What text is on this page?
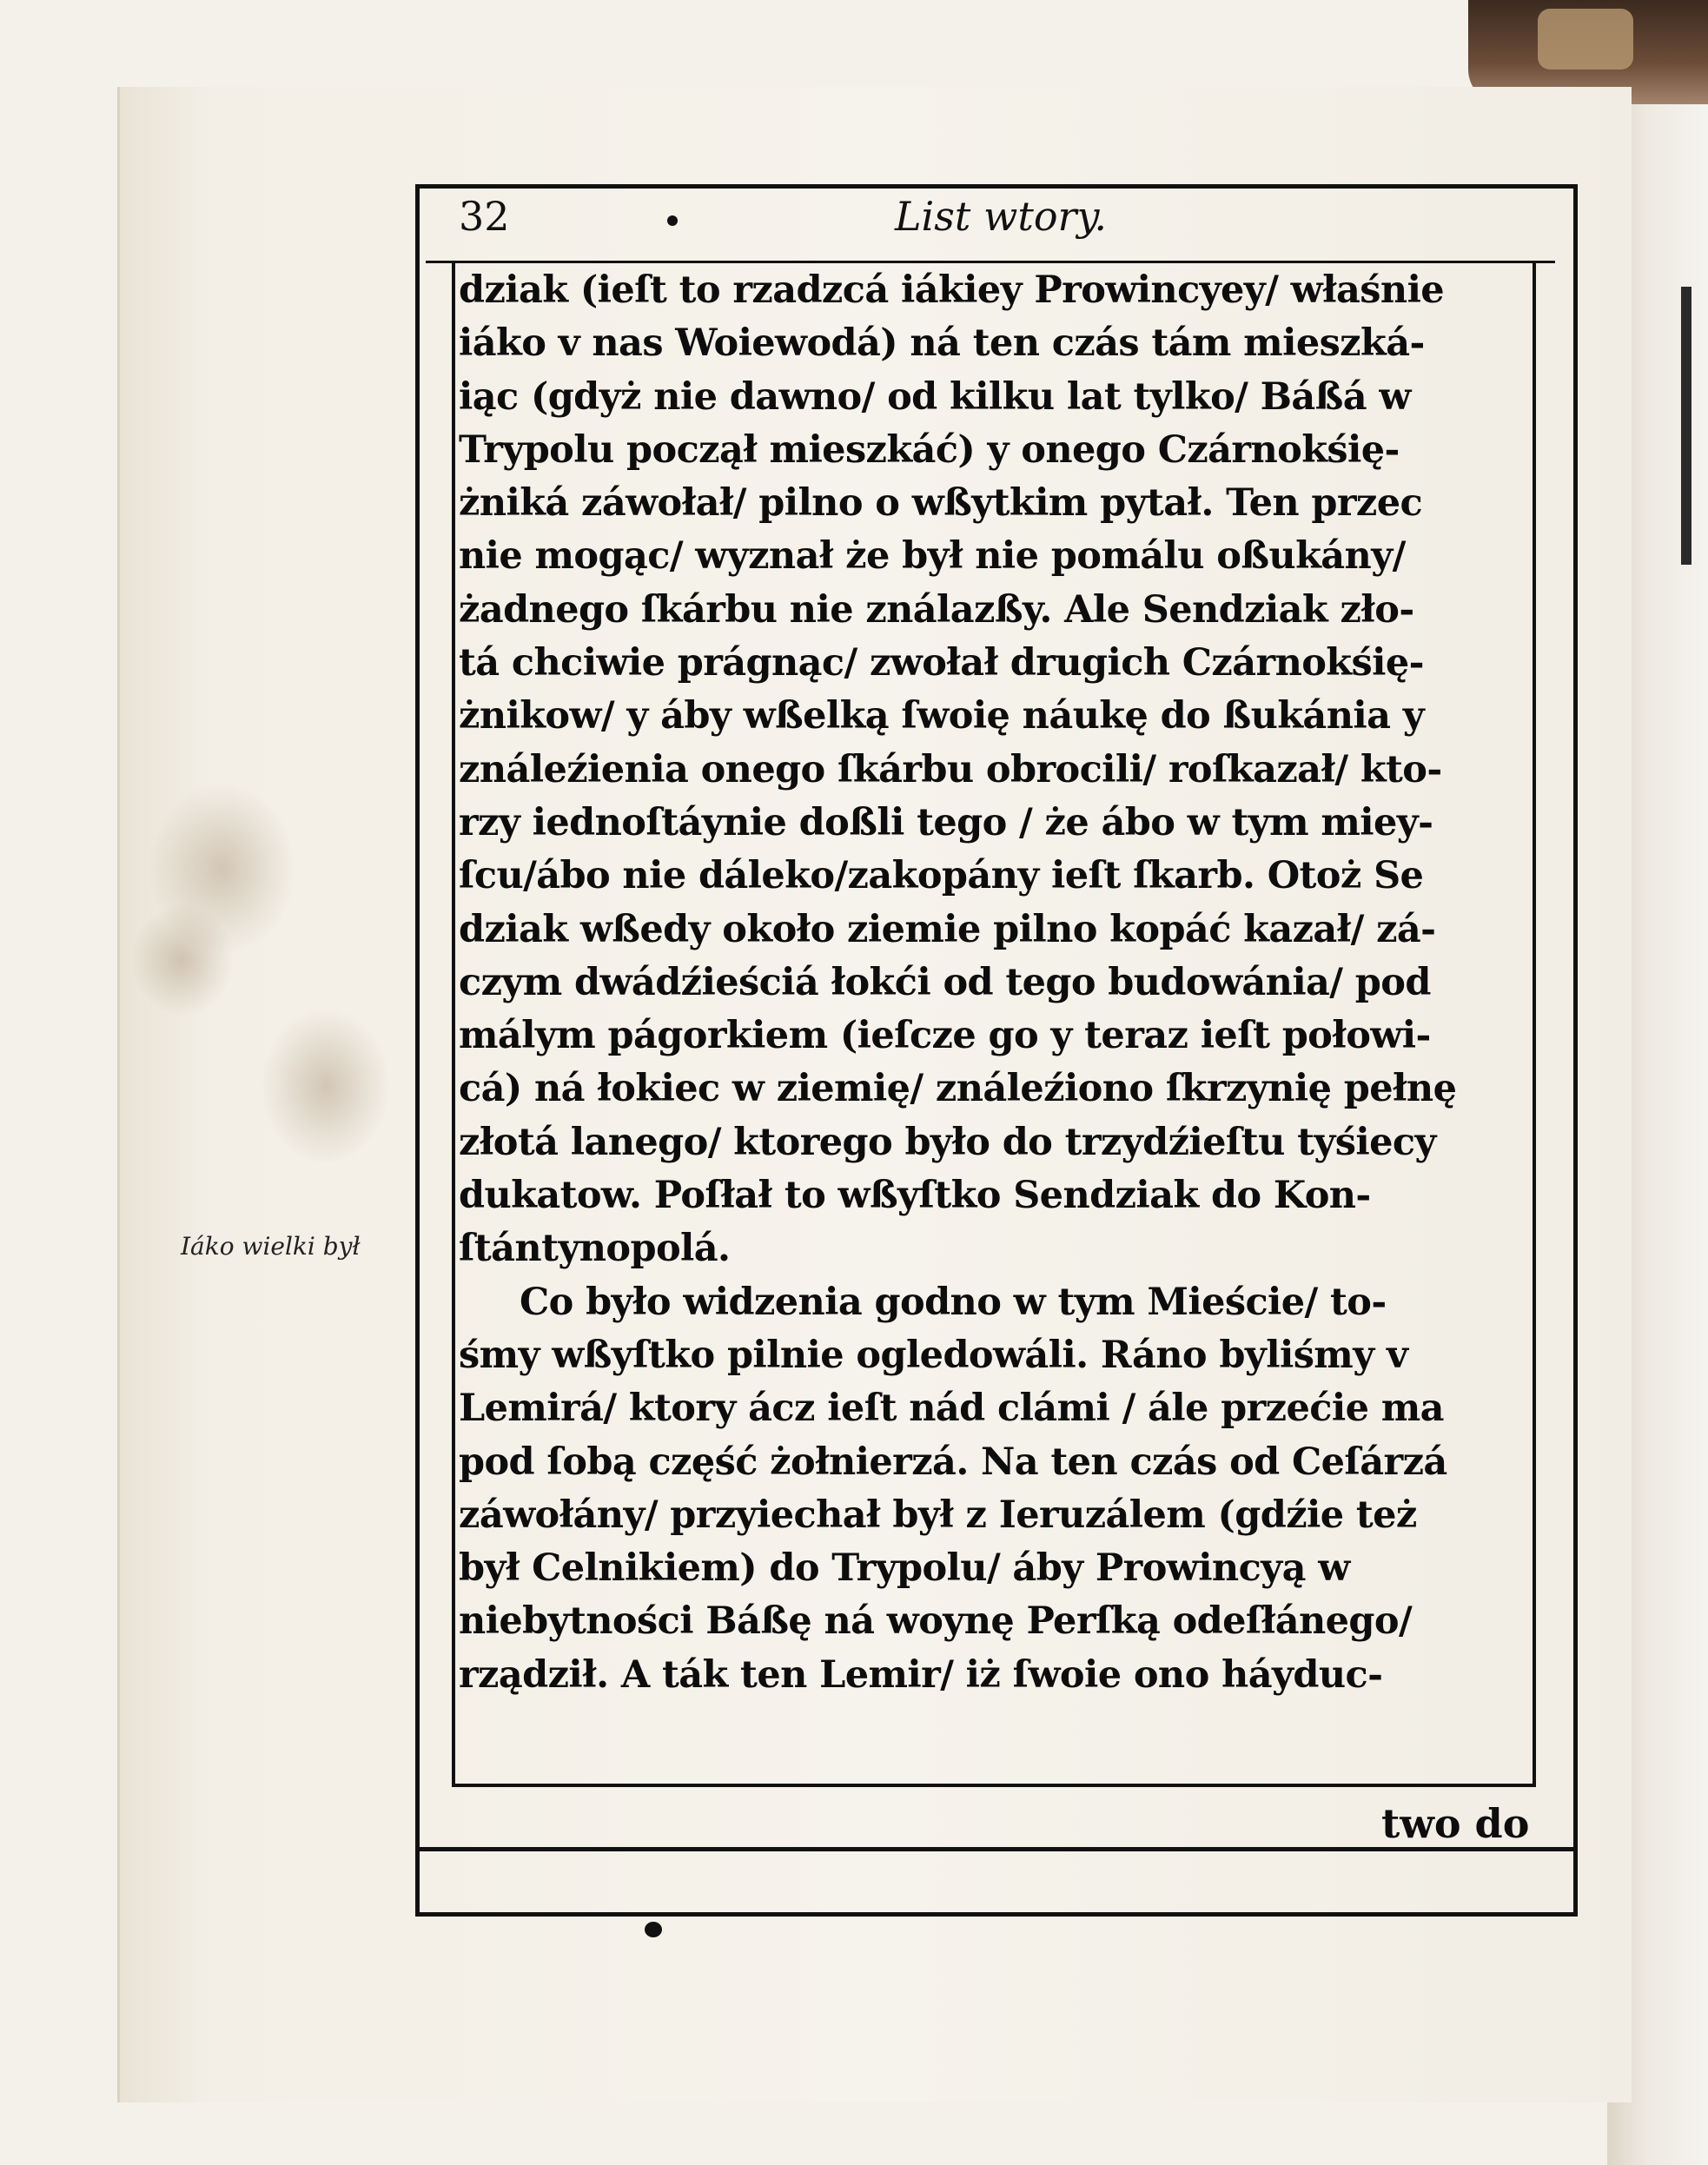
32	List wtory.
Iáko wielki był
dziak (ieſt to rzadzcá iákiey Prowincyey/ właśnie
iáko v nas Woiewodá) ná ten czás tám mieszká-
iąc (gdyż nie dawno/ od kilku lat tylko/ Báßá w
Trypolu począł mieszkáć) y onego Czárnokśię-
żniká záwołał/ pilno o wßytkim pytał. Ten przec
nie mogąc/ wyznał że był nie pomálu oßukány/
żadnego ſkárbu nie ználazßy. Ale Sendziak zło-
tá chciwie prágnąc/ zwołał drugich Czárnokśię-
żnikow/ y áby wßelką ſwoię náukę do ßukánia y
ználeźienia onego ſkárbu obrocili/ roſkazał/ kto-
rzy iednoſtáynie doßli tego / że ábo w tym miey-
ſcu/ábo nie dáleko/zakopány ieſt ſkarb. Otoż Se
dziak wßedy około ziemie pilno kopáć kazał/ zá-
czym dwádźieściá łokći od tego budowánia/ pod
málym págorkiem (ieſcze go y teraz ieſt połowi-
cá) ná łokiec w ziemię/ ználeźiono ſkrzynię pełnę
złotá lanego/ ktorego było do trzydźieſtu tyśiecy
dukatow. Poſłał to wßyſtko Sendziak do Kon-
ſtántynopolá.
Co było widzenia godno w tym Mieście/ to-
śmy wßyſtko pilnie ogledowáli. Ráno byliśmy v
Lemirá/ ktory ácz ieſt nád clámi / ále przećie ma
pod ſobą część żołnierzá. Na ten czás od Ceſárzá
záwołány/ przyiechał był z Ieruzálem (gdźie też
był Celnikiem) do Trypolu/ áby Prowincyą w
niebytności Báßę ná woynę Perſką odeſłánego/
rządził. A ták ten Lemir/ iż ſwoie ono háyduc-
two do
